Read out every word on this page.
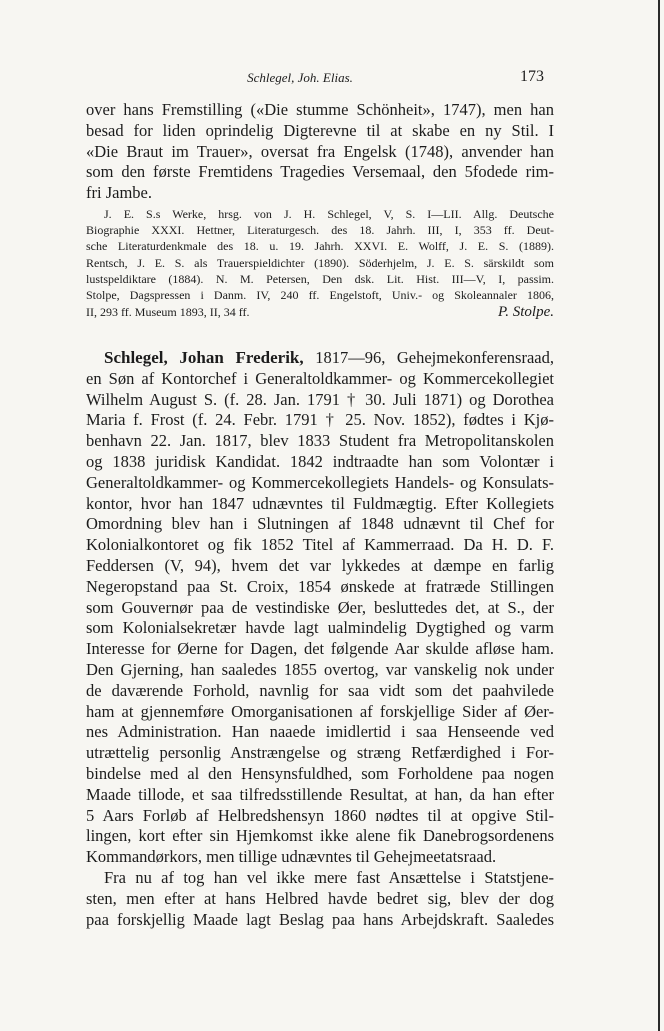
Schlegel, Joh. Elias.	173
over hans Fremstilling («Die stumme Schönheit», 1747), men han
besad for liden oprindelig Digterevne til at skabe en ny Stil. I
«Die Braut im Trauer», oversat fra Engelsk (1748), anvender han
som den første Fremtidens Tragedies Versemaal, den 5fodede rim-
fri Jambe.
J. E. S.s Werke, hrsg. von J. H. Schlegel, V, S. I—LII. Allg. Deutsche
Biographie XXXI. Hettner, Literaturgesch. des 18. Jahrh. III, I, 353 ff. Deut-
sche Literaturdenkmale des 18. u. 19. Jahrh. XXVI. E. Wolff, J. E. S. (1889).
Rentsch, J. E. S. als Trauerspieldichter (1890). Söderhjelm, J. E. S. särskildt som
lustspeldiktare (1884). N. M. Petersen, Den dsk. Lit. Hist. III—V, I, passim.
Stolpe, Dagspressen i Danm. IV, 240 ff. Engelstoft, Univ.- og Skoleannaler 1806,
II, 293 ff. Museum 1893, II, 34 ff.	P. Stolpe.
Schlegel, Johan Frederik, 1817—96, Gehejmekonferensraad,
en Søn af Kontorchef i Generaltoldkammer- og Kommercekollegiet
Wilhelm August S. (f. 28. Jan. 1791 † 30. Juli 1871) og Dorothea
Maria f. Frost (f. 24. Febr. 1791 † 25. Nov. 1852), fødtes i Kjø-
benhavn 22. Jan. 1817, blev 1833 Student fra Metropolitanskolen
og 1838 juridisk Kandidat. 1842 indtraadte han som Volontær i
Generaltoldkammer- og Kommercekollegiets Handels- og Konsulats-
kontor, hvor han 1847 udnævntes til Fuldmægtig. Efter Kollegiets
Omordning blev han i Slutningen af 1848 udnævnt til Chef for
Kolonialkontoret og fik 1852 Titel af Kammerraad. Da H. D. F.
Feddersen (V, 94), hvem det var lykkedes at dæmpe en farlig
Negeropstand paa St. Croix, 1854 ønskede at fratræde Stillingen
som Gouvernør paa de vestindiske Øer, besluttedes det, at S., der
som Kolonialsekretær havde lagt ualmindelig Dygtighed og varm
Interesse for Øerne for Dagen, det følgende Aar skulde afløse ham.
Den Gjerning, han saaledes 1855 overtog, var vanskelig nok under
de daværende Forhold, navnlig for saa vidt som det paahvilede
ham at gjennemføre Omorganisationen af forskjellige Sider af Øer-
nes Administration. Han naaede imidlertid i saa Henseende ved
utrættelig personlig Anstrængelse og stræng Retfærdighed i For-
bindelse med al den Hensynsfuldhed, som Forholdene paa nogen
Maade tillode, et saa tilfredsstillende Resultat, at han, da han efter
5 Aars Forløb af Helbredshensyn 1860 nødtes til at opgive Stil-
lingen, kort efter sin Hjemkomst ikke alene fik Danebrogsordenens
Kommandørkors, men tillige udnævntes til Gehejmeetatsraad.
Fra nu af tog han vel ikke mere fast Ansættelse i Statstjene-
sten, men efter at hans Helbred havde bedret sig, blev der dog
paa forskjellig Maade lagt Beslag paa hans Arbejdskraft. Saaledes
